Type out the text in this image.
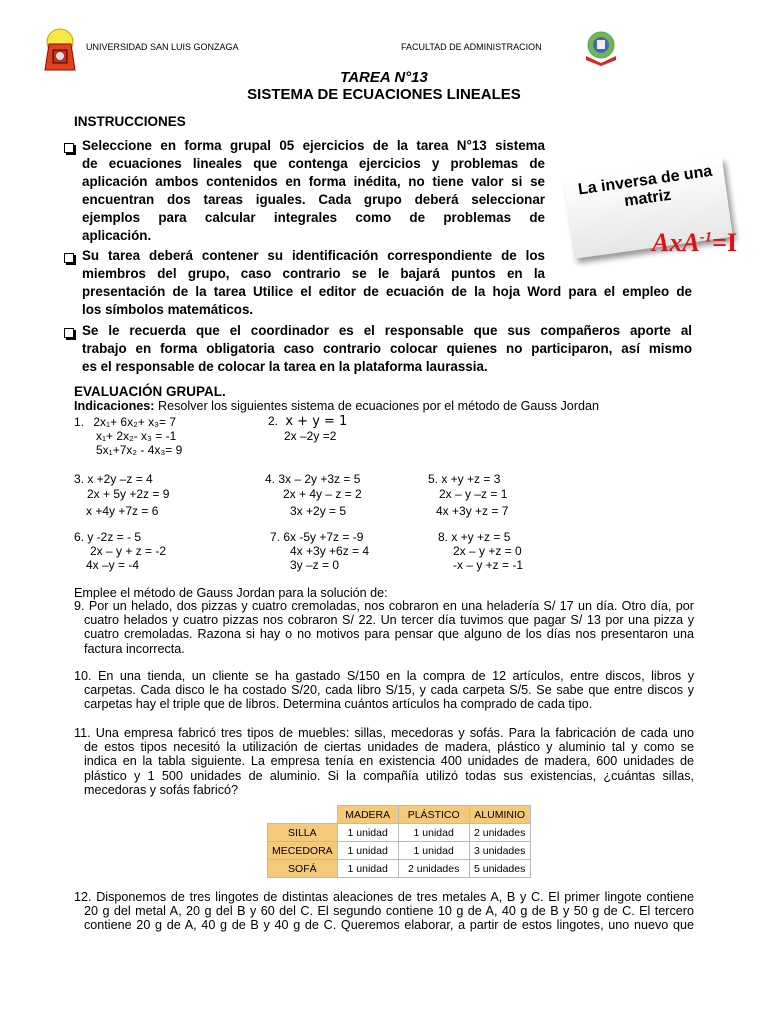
UNIVERSIDAD SAN LUIS GONZAGA	FACULTAD DE ADMINISTRACION
TAREA N°13
SISTEMA DE ECUACIONES LINEALES
INSTRUCCIONES
Seleccione en forma grupal 05 ejercicios de la tarea N°13 sistema
de ecuaciones lineales que contenga ejercicios y problemas de
aplicación ambos contenidos en forma inédita, no tiene valor si se
encuentran dos tareas iguales. Cada grupo deberá seleccionar
ejemplos para calcular integrales como de problemas de
aplicación.
Su tarea deberá contener su identificación correspondiente de los
miembros del grupo, caso contrario se le bajará puntos en la
presentación de la tarea Utilice el editor de ecuación de la hoja Word para el empleo de
los símbolos matemáticos.
Se le recuerda que el coordinador es el responsable que sus compañeros aporte al
trabajo en forma obligatoria caso contrario colocar quienes no participaron, así mismo
es el responsable de colocar la tarea en la plataforma laurassia.
La inversa de una matriz
AxA$^{-1}$=I
EVALUACIÓN GRUPAL.
Indicaciones: Resolver los siguientes sistema de ecuaciones por el método de Gauss Jordan
1. 2x₁+ 6x₂+ x₃= 7
x₁+ 2x₂- x₃ = -1
5x₁+7x₂ - 4x₃= 9
2. x + y = 1
2x –2y =2
3. x +2y –z = 4
2x + 5y +2z = 9
x +4y +7z = 6
4. 3x – 2y +3z = 5
2x + 4y – z = 2
3x +2y = 5
5. x +y +z = 3
2x – y –z = 1
4x +3y +z = 7
6. y -2z = - 5
2x – y + z = -2
4x –y = -4
7. 6x -5y +7z = -9
4x +3y +6z = 4
3y –z = 0
8. x +y +z = 5
2x – y +z = 0
-x – y +z = -1
Emplee el método de Gauss Jordan para la solución de:
9. Por un helado, dos pizzas y cuatro cremoladas, nos cobraron en una heladería S/ 17 un día. Otro día, por
cuatro helados y cuatro pizzas nos cobraron S/ 22. Un tercer día tuvimos que pagar S/ 13 por una pizza y
cuatro cremoladas. Razona si hay o no motivos para pensar que alguno de los días nos presentaron una
factura incorrecta.
10. En una tienda, un cliente se ha gastado S/150 en la compra de 12 artículos, entre discos, libros y
carpetas. Cada disco le ha costado S/20, cada libro S/15, y cada carpeta S/5. Se sabe que entre discos y
carpetas hay el triple que de libros. Determina cuántos artículos ha comprado de cada tipo.
11. Una empresa fabricó tres tipos de muebles: sillas, mecedoras y sofás. Para la fabricación de cada uno
de estos tipos necesitó la utilización de ciertas unidades de madera, plástico y aluminio tal y como se
indica en la tabla siguiente. La empresa tenía en existencia 400 unidades de madera, 600 unidades de
plástico y 1 500 unidades de aluminio. Si la compañía utilizó todas sus existencias, ¿cuántas sillas,
mecedoras y sofás fabricó?
	MADERA	PLÁSTICO	ALUMINIO
SILLA	1 unidad	1 unidad	2 unidades
MECEDORA	1 unidad	1 unidad	3 unidades
SOFÁ	1 unidad	2 unidades	5 unidades
12. Disponemos de tres lingotes de distintas aleaciones de tres metales A, B y C. El primer lingote contiene
20 g del metal A, 20 g del B y 60 del C. El segundo contiene 10 g de A, 40 g de B y 50 g de C. El tercero
contiene 20 g de A, 40 g de B y 40 g de C. Queremos elaborar, a partir de estos lingotes, uno nuevo que
